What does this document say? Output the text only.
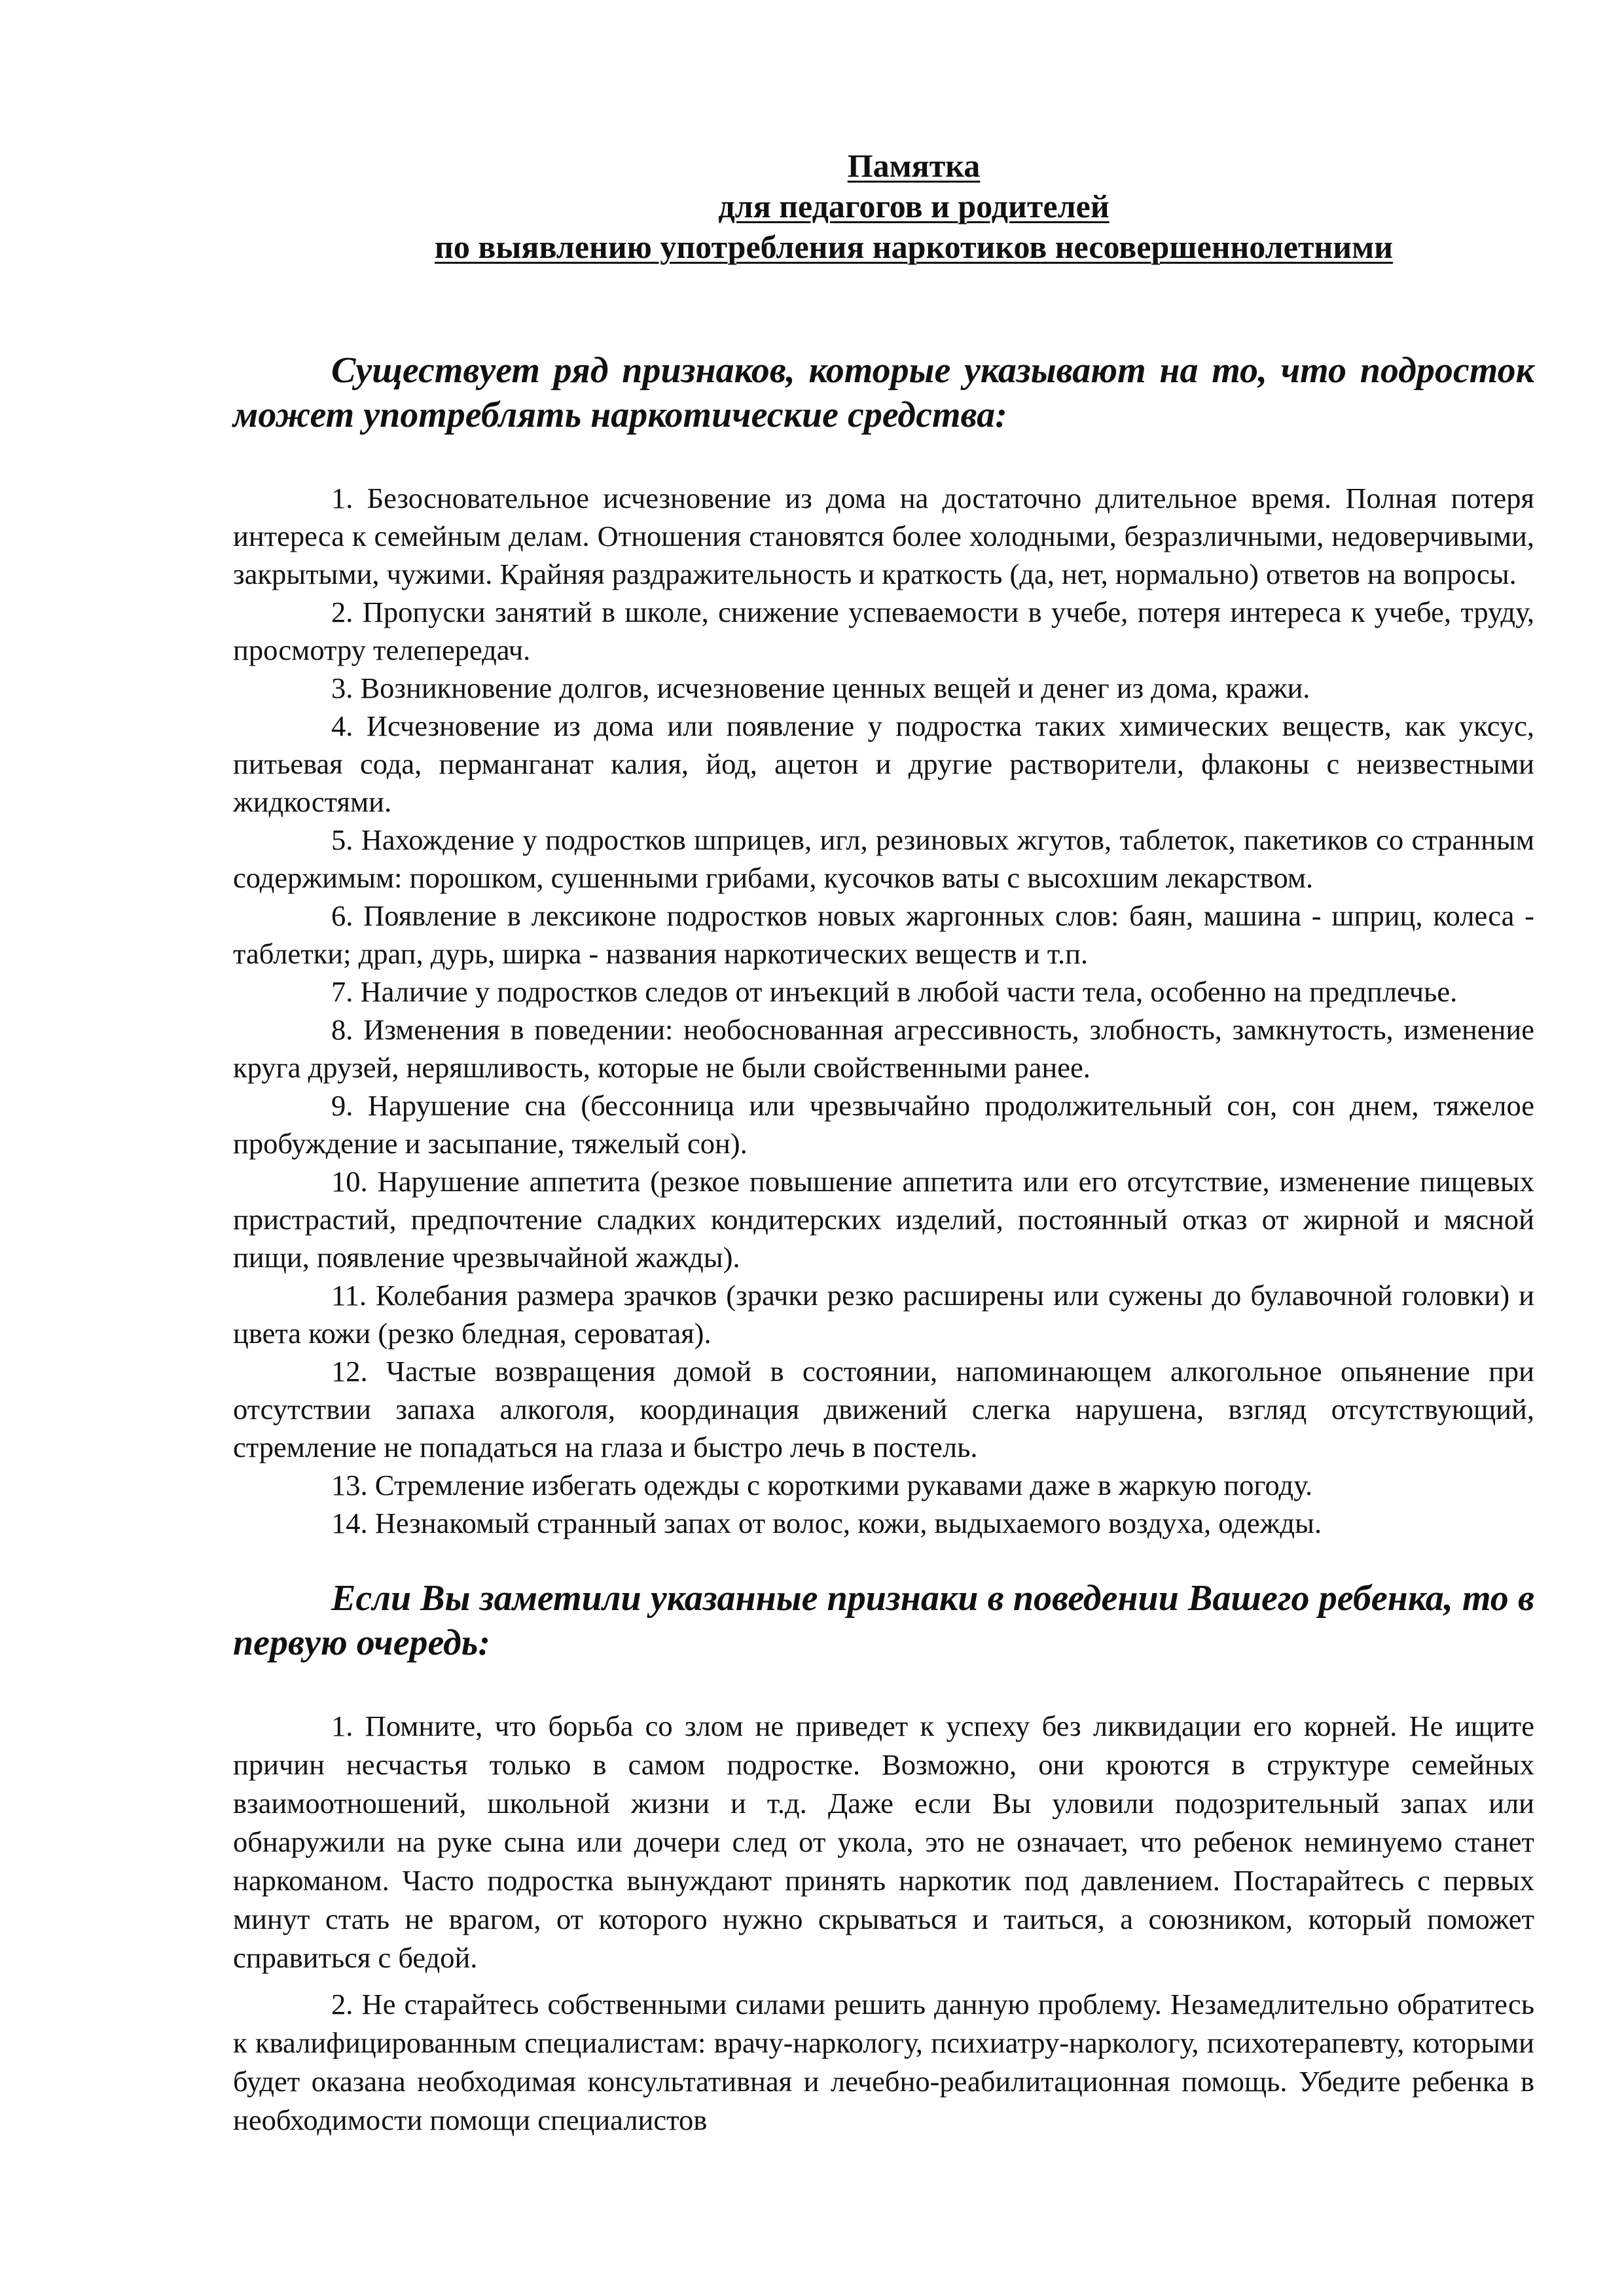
Памятка
для педагогов и родителей
по выявлению употребления наркотиков несовершеннолетними

Существует ряд признаков, которые указывают на то, что подросток может употреблять наркотические средства:

1. Безосновательное исчезновение из дома на достаточно длительное время. Полная потеря интереса к семейным делам. Отношения становятся более холодными, безразличными, недоверчивыми, закрытыми, чужими. Крайняя раздражительность и краткость (да, нет, нормально) ответов на вопросы.

2. Пропуски занятий в школе, снижение успеваемости в учебе, потеря интереса к учебе, труду, просмотру телепередач.

3. Возникновение долгов, исчезновение ценных вещей и денег из дома, кражи.

4. Исчезновение из дома или появление у подростка таких химических веществ, как уксус, питьевая сода, перманганат калия, йод, ацетон и другие растворители, флаконы с неизвестными жидкостями.

5. Нахождение у подростков шприцев, игл, резиновых жгутов, таблеток, пакетиков со странным содержимым: порошком, сушенными грибами, кусочков ваты с высохшим лекарством.

6. Появление в лексиконе подростков новых жаргонных слов: баян, машина - шприц, колеса - таблетки; драп, дурь, ширка - названия наркотических веществ и т.п.

7. Наличие у подростков следов от инъекций в любой части тела, особенно на предплечье.

8. Изменения в поведении: необоснованная агрессивность, злобность, замкнутость, изменение круга друзей, неряшливость, которые не были свойственными ранее.

9. Нарушение сна (бессонница или чрезвычайно продолжительный сон, сон днем, тяжелое пробуждение и засыпание, тяжелый сон).

10. Нарушение аппетита (резкое повышение аппетита или его отсутствие, изменение пищевых пристрастий, предпочтение сладких кондитерских изделий, постоянный отказ от жирной и мясной пищи, появление чрезвычайной жажды).

11. Колебания размера зрачков (зрачки резко расширены или сужены до булавочной головки) и цвета кожи (резко бледная, сероватая).

12. Частые возвращения домой в состоянии, напоминающем алкогольное опьянение при отсутствии запаха алкоголя, координация движений слегка нарушена, взгляд отсутствующий, стремление не попадаться на глаза и быстро лечь в постель.

13. Стремление избегать одежды с короткими рукавами даже в жаркую погоду.

14. Незнакомый странный запах от волос, кожи, выдыхаемого воздуха, одежды.

Если Вы заметили указанные признаки в поведении Вашего ребенка, то в первую очередь:

1. Помните, что борьба со злом не приведет к успеху без ликвидации его корней. Не ищите причин несчастья только в самом подростке. Возможно, они кроются в структуре семейных взаимоотношений, школьной жизни и т.д. Даже если Вы уловили подозрительный запах или обнаружили на руке сына или дочери след от укола, это не означает, что ребенок неминуемо станет наркоманом. Часто подростка вынуждают принять наркотик под давлением. Постарайтесь с первых минут стать не врагом, от которого нужно скрываться и таиться, а союзником, который поможет справиться с бедой.

2. Не старайтесь собственными силами решить данную проблему. Незамедлительно обратитесь к квалифицированным специалистам: врачу-наркологу, психиатру-наркологу, психотерапевту, которыми будет оказана необходимая консультативная и лечебно-реабилитационная помощь. Убедите ребенка в необходимости помощи специалистов
